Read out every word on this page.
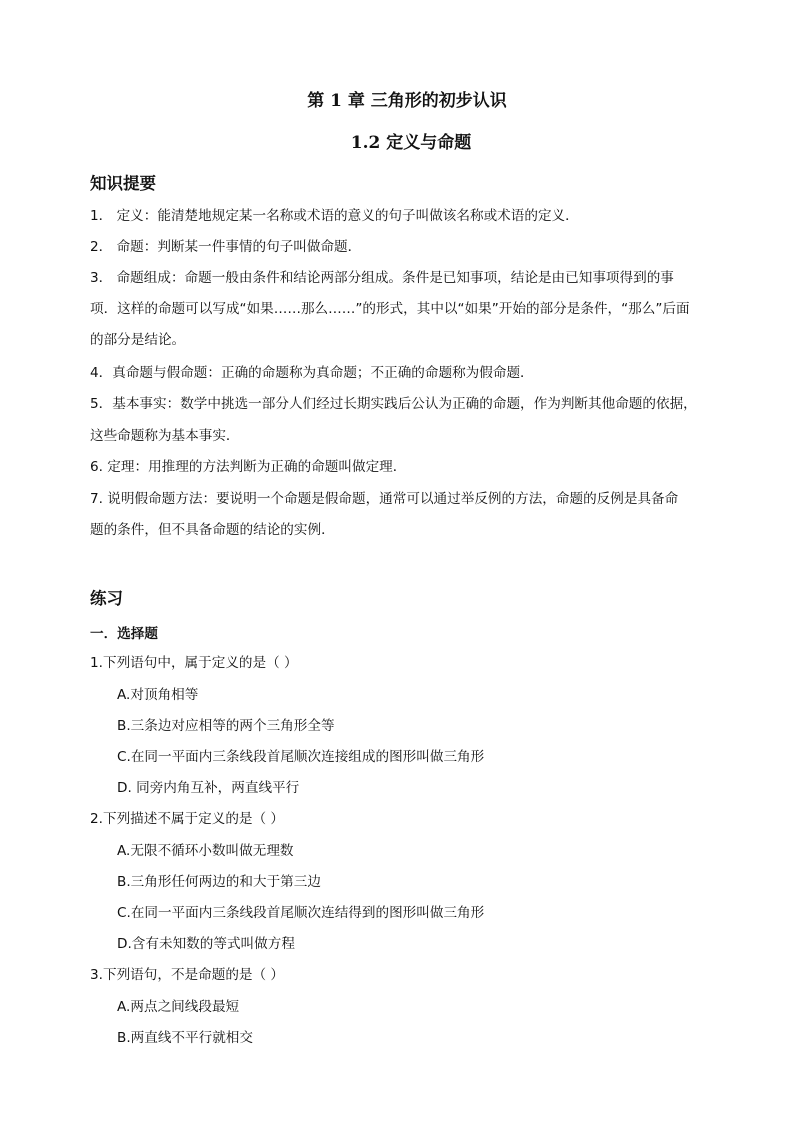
第 1 章 三角形的初步认识
1.2 定义与命题
知识提要
1． 定义：能清楚地规定某一名称或术语的意义的句子叫做该名称或术语的定义．
2． 命题：判断某一件事情的句子叫做命题．
3． 命题组成：命题一般由条件和结论两部分组成。条件是已知事项，结论是由已知事项得到的事
项．这样的命题可以写成“如果……那么……”的形式，其中以“如果”开始的部分是条件，“那么”后面
的部分是结论。
4．真命题与假命题：正确的命题称为真命题；不正确的命题称为假命题．
5．基本事实：数学中挑选一部分人们经过长期实践后公认为正确的命题，作为判断其他命题的依据，
这些命题称为基本事实．
6. 定理：用推理的方法判断为正确的命题叫做定理．
7. 说明假命题方法：要说明一个命题是假命题，通常可以通过举反例的方法，命题的反例是具备命
题的条件，但不具备命题的结论的实例．
练习
一．选择题
1.下列语句中，属于定义的是（ ）
A.对顶角相等
B.三条边对应相等的两个三角形全等
C.在同一平面内三条线段首尾顺次连接组成的图形叫做三角形
D. 同旁内角互补，两直线平行
2.下列描述不属于定义的是（ ）
A.无限不循环小数叫做无理数
B.三角形任何两边的和大于第三边
C.在同一平面内三条线段首尾顺次连结得到的图形叫做三角形
D.含有未知数的等式叫做方程
3.下列语句，不是命题的是（ ）
A.两点之间线段最短
B.两直线不平行就相交
